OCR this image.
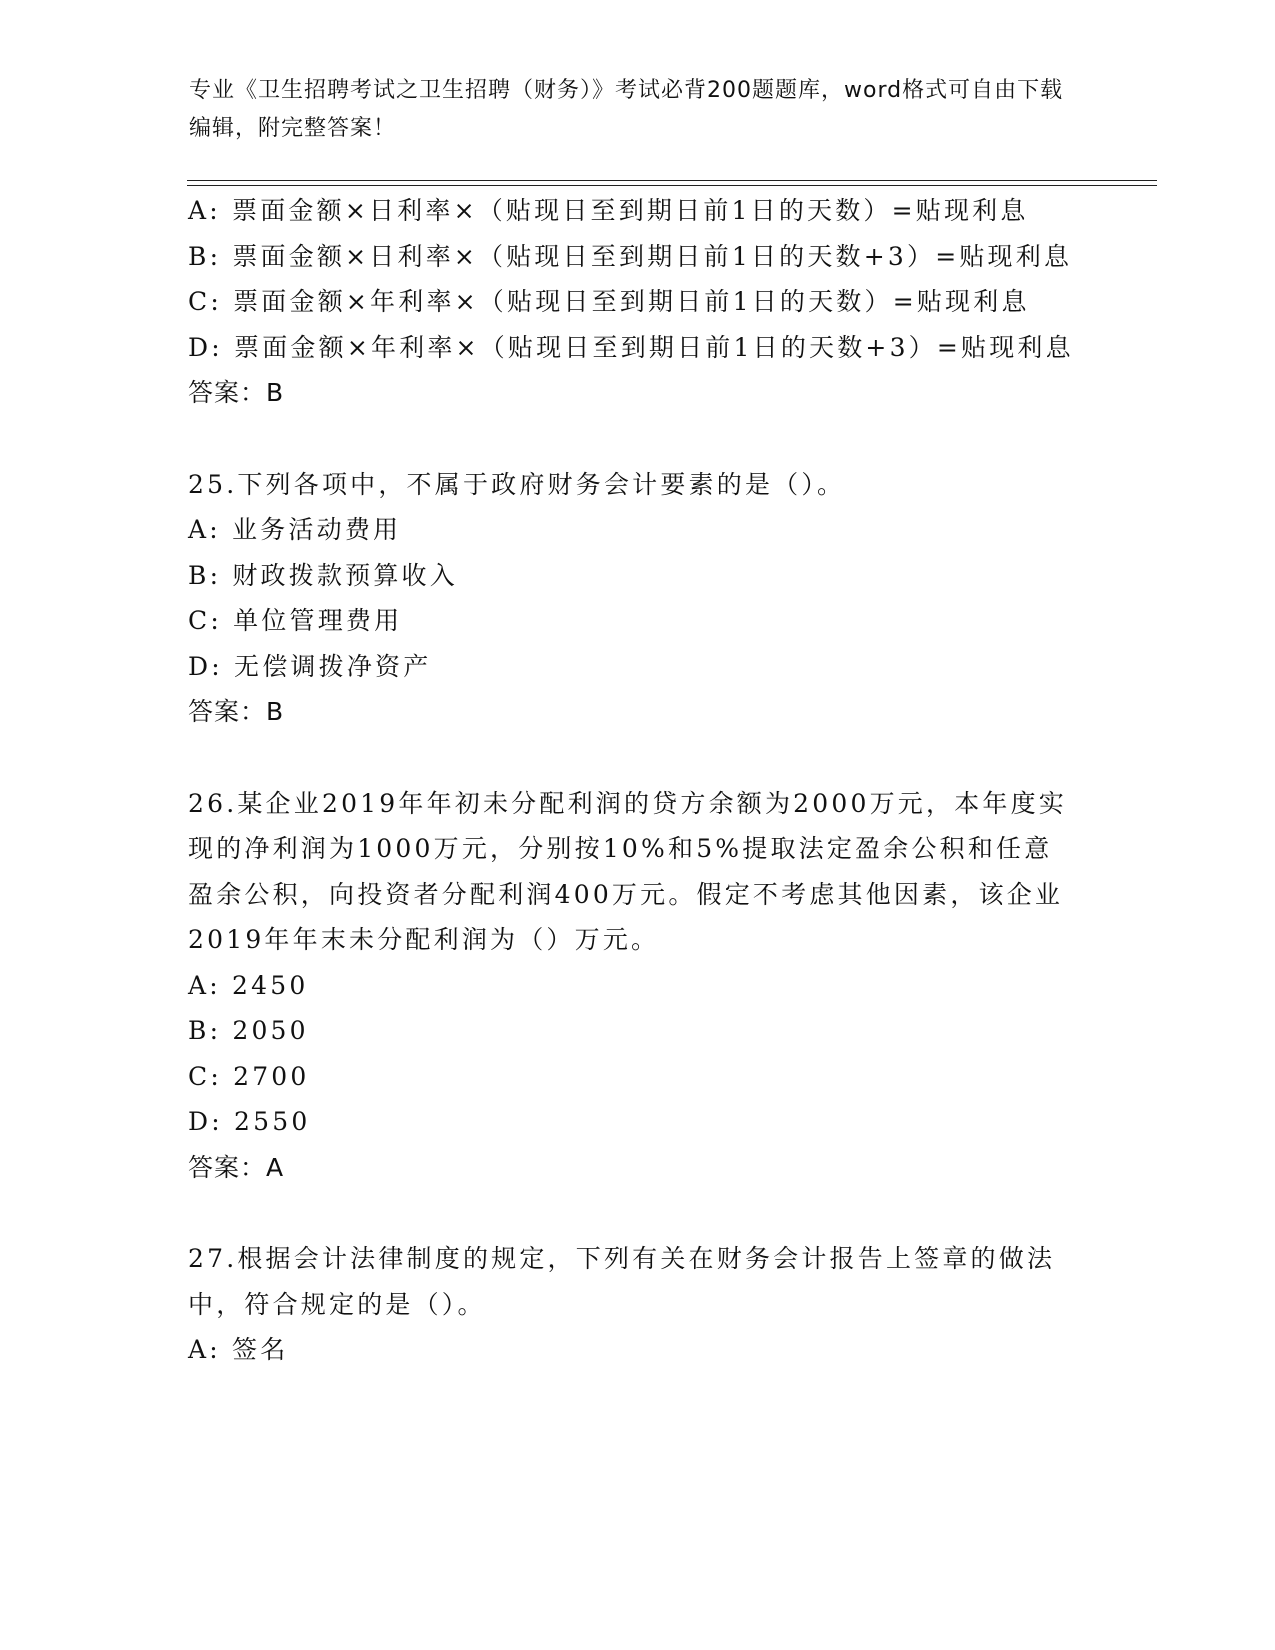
专业《卫生招聘考试之卫生招聘（财务）》考试必背200题题库，word格式可自由下载编辑，附完整答案！
A: 票面金额×日利率×（贴现日至到期日前1日的天数）=贴现利息
B: 票面金额×日利率×（贴现日至到期日前1日的天数+3）=贴现利息
C: 票面金额×年利率×（贴现日至到期日前1日的天数）=贴现利息
D: 票面金额×年利率×（贴现日至到期日前1日的天数+3）=贴现利息
答案：B
25.下列各项中，不属于政府财务会计要素的是（）。
A: 业务活动费用
B: 财政拨款预算收入
C: 单位管理费用
D: 无偿调拨净资产
答案：B
26.某企业2019年年初未分配利润的贷方余额为2000万元，本年度实现的净利润为1000万元，分别按10%和5%提取法定盈余公积和任意盈余公积，向投资者分配利润400万元。假定不考虑其他因素，该企业2019年年末未分配利润为（）万元。
A: 2450
B: 2050
C: 2700
D: 2550
答案：A
27.根据会计法律制度的规定，下列有关在财务会计报告上签章的做法中，符合规定的是（）。
A: 签名
